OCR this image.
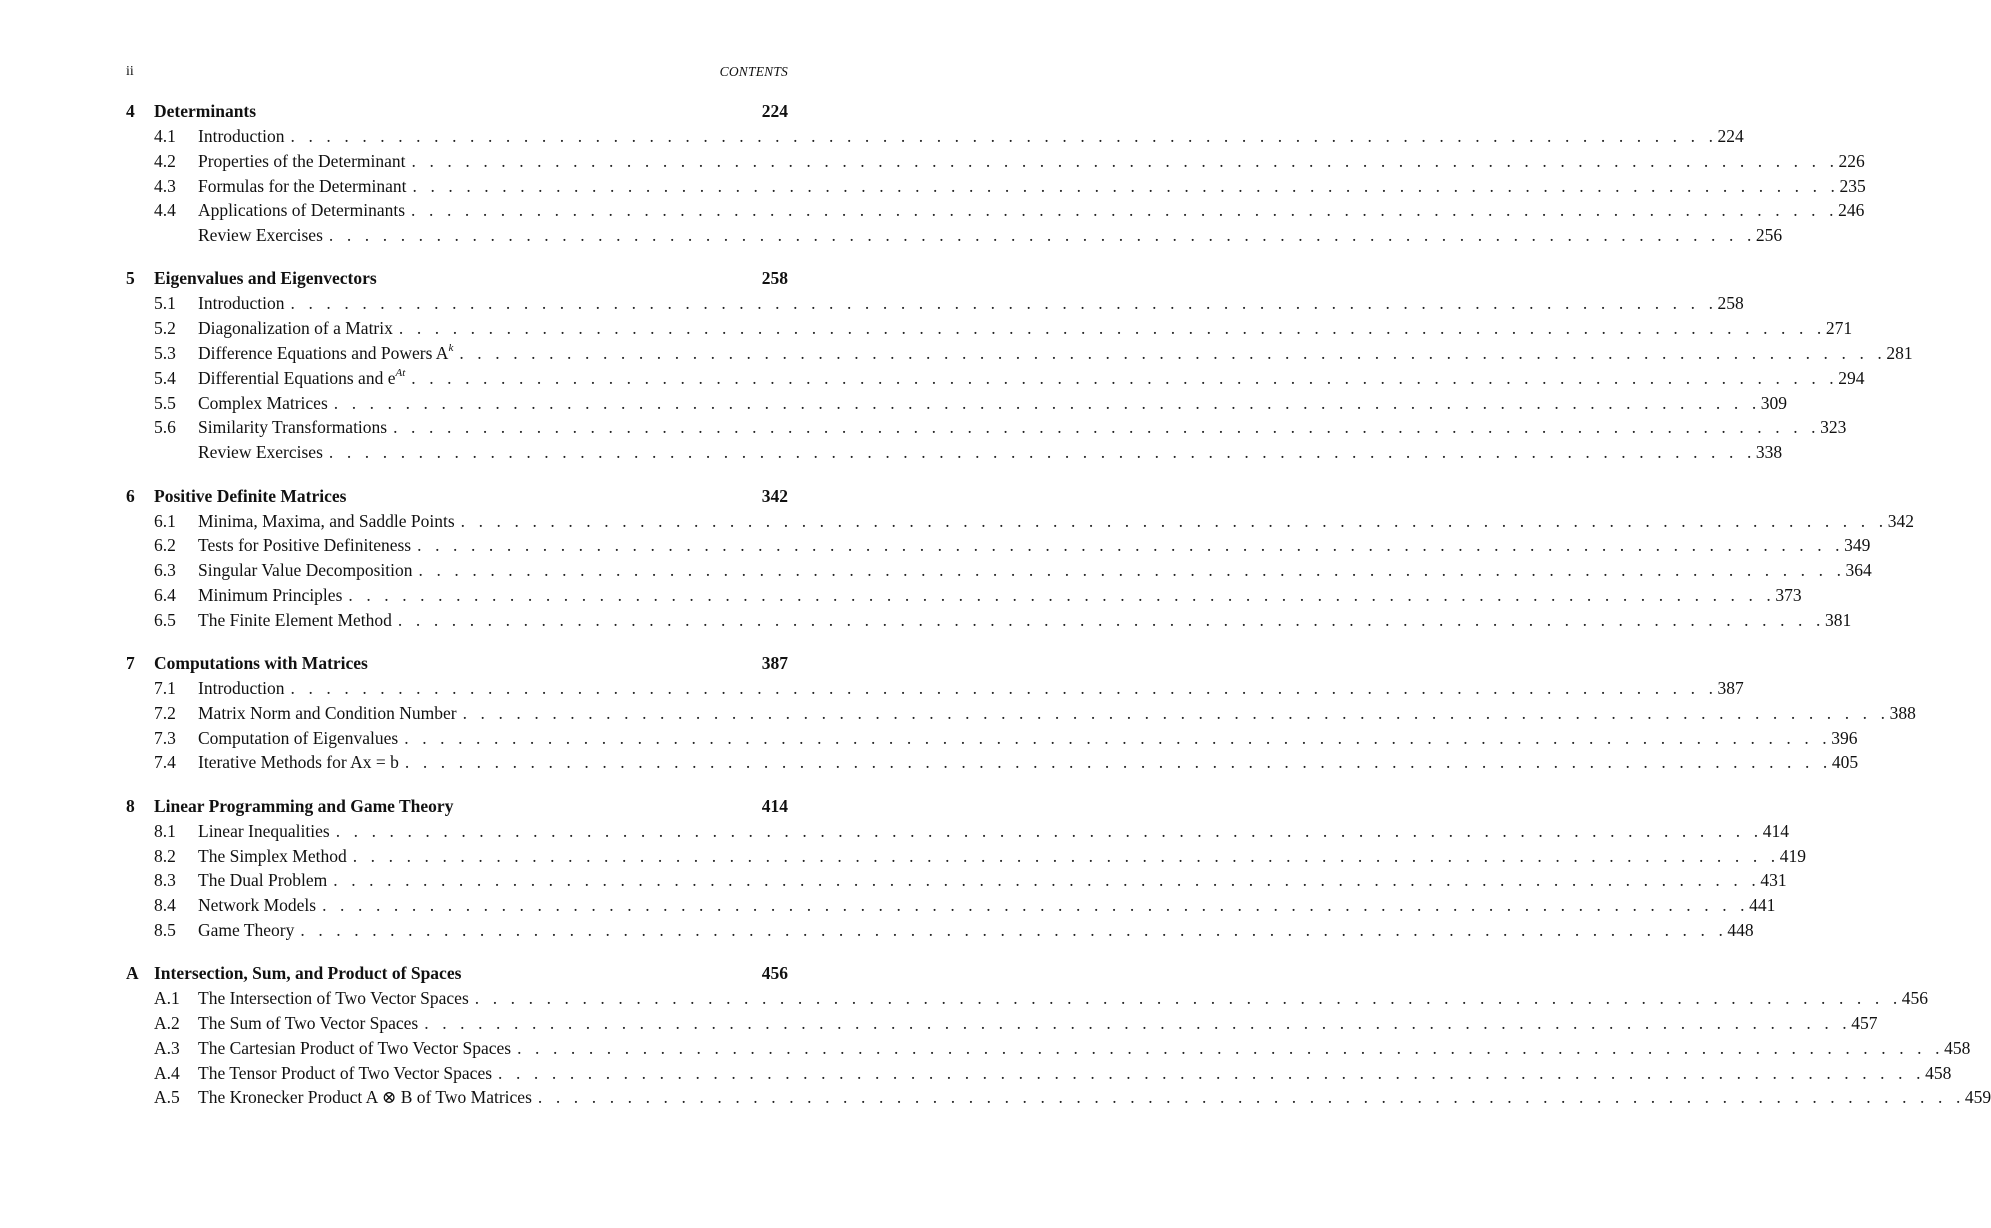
ii	CONTENTS
4	Determinants	224
4.1	Introduction . . . . . . . . . . . . . . . . . . . . . . . . . . . . . . . . . . . . . . . . . . . . . . . . . . . . . . . . . . . . . . . . . . . . . . . . . . . . . . . . 224
4.2	Properties of the Determinant . . . . . . . . . . . . . . . . . . . . . . . . . . . . . . . . . . . . . . . . . . . . . . . . . . . . . . . . . . . . . . . . . . . . . . . . . . . . . . . . 226
4.3	Formulas for the Determinant . . . . . . . . . . . . . . . . . . . . . . . . . . . . . . . . . . . . . . . . . . . . . . . . . . . . . . . . . . . . . . . . . . . . . . . . . . . . . . . . 235
4.4	Applications of Determinants . . . . . . . . . . . . . . . . . . . . . . . . . . . . . . . . . . . . . . . . . . . . . . . . . . . . . . . . . . . . . . . . . . . . . . . . . . . . . . . . 246
Review Exercises . . . . . . . . . . . . . . . . . . . . . . . . . . . . . . . . . . . . . . . . . . . . . . . . . . . . . . . . . . . . . . . . . . . . . . . . . . . . . . . . 256
5	Eigenvalues and Eigenvectors	258
5.1	Introduction . . . . . . . . . . . . . . . . . . . . . . . . . . . . . . . . . . . . . . . . . . . . . . . . . . . . . . . . . . . . . . . . . . . . . . . . . . . . . . . . 258
5.2	Diagonalization of a Matrix . . . . . . . . . . . . . . . . . . . . . . . . . . . . . . . . . . . . . . . . . . . . . . . . . . . . . . . . . . . . . . . . . . . . . . . . . . . . . . . . 271
5.3	Difference Equations and Powers $A^k$ . . . . . . . . . . . . . . . . . . . . . . . . . . . . . . . . . . . . . . . . . . . . . . . . . . . . . . . . . . . . . . . . . . . . . . . . . . . . . . . . 281
5.4	Differential Equations and $e^{At}$ . . . . . . . . . . . . . . . . . . . . . . . . . . . . . . . . . . . . . . . . . . . . . . . . . . . . . . . . . . . . . . . . . . . . . . . . . . . . . . . . 294
5.5	Complex Matrices . . . . . . . . . . . . . . . . . . . . . . . . . . . . . . . . . . . . . . . . . . . . . . . . . . . . . . . . . . . . . . . . . . . . . . . . . . . . . . . . 309
5.6	Similarity Transformations . . . . . . . . . . . . . . . . . . . . . . . . . . . . . . . . . . . . . . . . . . . . . . . . . . . . . . . . . . . . . . . . . . . . . . . . . . . . . . . . 323
Review Exercises . . . . . . . . . . . . . . . . . . . . . . . . . . . . . . . . . . . . . . . . . . . . . . . . . . . . . . . . . . . . . . . . . . . . . . . . . . . . . . . . 338
6	Positive Definite Matrices	342
6.1	Minima, Maxima, and Saddle Points . . . . . . . . . . . . . . . . . . . . . . . . . . . . . . . . . . . . . . . . . . . . . . . . . . . . . . . . . . . . . . . . . . . . . . . . . . . . . . . . 342
6.2	Tests for Positive Definiteness . . . . . . . . . . . . . . . . . . . . . . . . . . . . . . . . . . . . . . . . . . . . . . . . . . . . . . . . . . . . . . . . . . . . . . . . . . . . . . . . 349
6.3	Singular Value Decomposition . . . . . . . . . . . . . . . . . . . . . . . . . . . . . . . . . . . . . . . . . . . . . . . . . . . . . . . . . . . . . . . . . . . . . . . . . . . . . . . . 364
6.4	Minimum Principles . . . . . . . . . . . . . . . . . . . . . . . . . . . . . . . . . . . . . . . . . . . . . . . . . . . . . . . . . . . . . . . . . . . . . . . . . . . . . . . . 373
6.5	The Finite Element Method . . . . . . . . . . . . . . . . . . . . . . . . . . . . . . . . . . . . . . . . . . . . . . . . . . . . . . . . . . . . . . . . . . . . . . . . . . . . . . . . 381
7	Computations with Matrices	387
7.1	Introduction . . . . . . . . . . . . . . . . . . . . . . . . . . . . . . . . . . . . . . . . . . . . . . . . . . . . . . . . . . . . . . . . . . . . . . . . . . . . . . . . 387
7.2	Matrix Norm and Condition Number . . . . . . . . . . . . . . . . . . . . . . . . . . . . . . . . . . . . . . . . . . . . . . . . . . . . . . . . . . . . . . . . . . . . . . . . . . . . . . . . 388
7.3	Computation of Eigenvalues . . . . . . . . . . . . . . . . . . . . . . . . . . . . . . . . . . . . . . . . . . . . . . . . . . . . . . . . . . . . . . . . . . . . . . . . . . . . . . . . 396
7.4	Iterative Methods for Ax = b . . . . . . . . . . . . . . . . . . . . . . . . . . . . . . . . . . . . . . . . . . . . . . . . . . . . . . . . . . . . . . . . . . . . . . . . . . . . . . . . 405
8	Linear Programming and Game Theory	414
8.1	Linear Inequalities . . . . . . . . . . . . . . . . . . . . . . . . . . . . . . . . . . . . . . . . . . . . . . . . . . . . . . . . . . . . . . . . . . . . . . . . . . . . . . . . 414
8.2	The Simplex Method . . . . . . . . . . . . . . . . . . . . . . . . . . . . . . . . . . . . . . . . . . . . . . . . . . . . . . . . . . . . . . . . . . . . . . . . . . . . . . . . 419
8.3	The Dual Problem . . . . . . . . . . . . . . . . . . . . . . . . . . . . . . . . . . . . . . . . . . . . . . . . . . . . . . . . . . . . . . . . . . . . . . . . . . . . . . . . 431
8.4	Network Models . . . . . . . . . . . . . . . . . . . . . . . . . . . . . . . . . . . . . . . . . . . . . . . . . . . . . . . . . . . . . . . . . . . . . . . . . . . . . . . . 441
8.5	Game Theory . . . . . . . . . . . . . . . . . . . . . . . . . . . . . . . . . . . . . . . . . . . . . . . . . . . . . . . . . . . . . . . . . . . . . . . . . . . . . . . . 448
A Intersection, Sum, and Product of Spaces	456
A.1	The Intersection of Two Vector Spaces . . . . . . . . . . . . . . . . . . . . . . . . . . . . . . . . . . . . . . . . . . . . . . . . . . . . . . . . . . . . . . . . . . . . . . . . . . . . . . . . 456
A.2	The Sum of Two Vector Spaces . . . . . . . . . . . . . . . . . . . . . . . . . . . . . . . . . . . . . . . . . . . . . . . . . . . . . . . . . . . . . . . . . . . . . . . . . . . . . . . . 457
A.3	The Cartesian Product of Two Vector Spaces . . . . . . . . . . . . . . . . . . . . . . . . . . . . . . . . . . . . . . . . . . . . . . . . . . . . . . . . . . . . . . . . . . . . . . . . . . . . . . . . 458
A.4	The Tensor Product of Two Vector Spaces . . . . . . . . . . . . . . . . . . . . . . . . . . . . . . . . . . . . . . . . . . . . . . . . . . . . . . . . . . . . . . . . . . . . . . . . . . . . . . . . 458
A.5	The Kronecker Product A ⊗ B of Two Matrices . . . . . . . . . . . . . . . . . . . . . . . . . . . . . . . . . . . . . . . . . . . . . . . . . . . . . . . . . . . . . . . . . . . . . . . . . . . . . . . . 459
